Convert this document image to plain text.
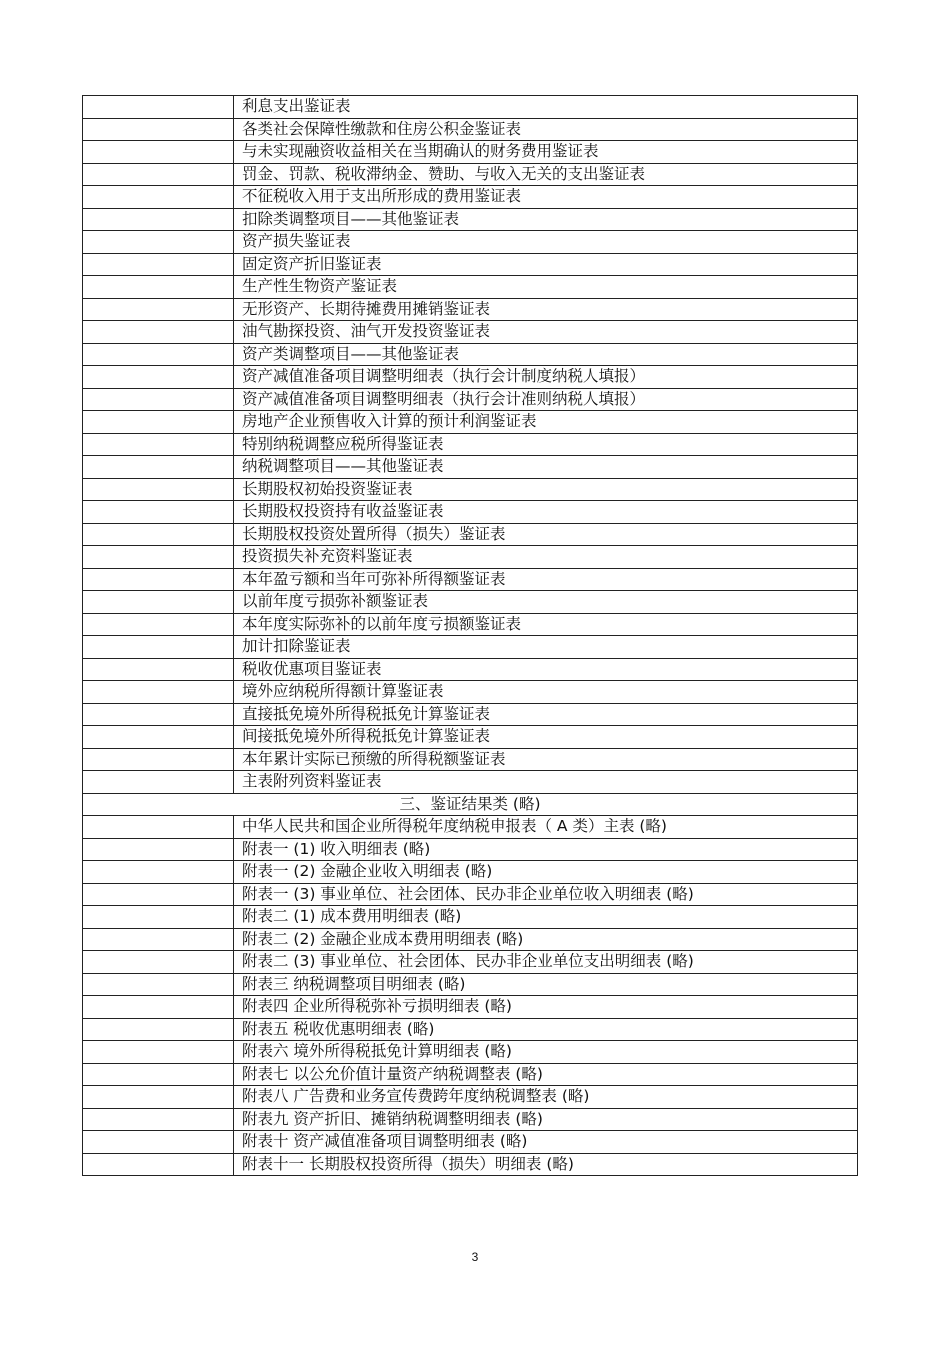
	利息支出鉴证表
	各类社会保障性缴款和住房公积金鉴证表
	与未实现融资收益相关在当期确认的财务费用鉴证表
	罚金、罚款、税收滞纳金、赞助、与收入无关的支出鉴证表
	不征税收入用于支出所形成的费用鉴证表
	扣除类调整项目——其他鉴证表
	资产损失鉴证表
	固定资产折旧鉴证表
	生产性生物资产鉴证表
	无形资产、长期待摊费用摊销鉴证表
	油气勘探投资、油气开发投资鉴证表
	资产类调整项目——其他鉴证表
	资产减值准备项目调整明细表（执行会计制度纳税人填报）
	资产减值准备项目调整明细表（执行会计准则纳税人填报）
	房地产企业预售收入计算的预计利润鉴证表
	特别纳税调整应税所得鉴证表
	纳税调整项目——其他鉴证表
	长期股权初始投资鉴证表
	长期股权投资持有收益鉴证表
	长期股权投资处置所得（损失）鉴证表
	投资损失补充资料鉴证表
	本年盈亏额和当年可弥补所得额鉴证表
	以前年度亏损弥补额鉴证表
	本年度实际弥补的以前年度亏损额鉴证表
	加计扣除鉴证表
	税收优惠项目鉴证表
	境外应纳税所得额计算鉴证表
	直接抵免境外所得税抵免计算鉴证表
	间接抵免境外所得税抵免计算鉴证表
	本年累计实际已预缴的所得税额鉴证表
	主表附列资料鉴证表
三、鉴证结果类 (略)	
	中华人民共和国企业所得税年度纳税申报表（ A 类）主表 (略)
	附表一 (1) 收入明细表 (略)
	附表一 (2) 金融企业收入明细表 (略)
	附表一 (3) 事业单位、社会团体、民办非企业单位收入明细表 (略)
	附表二 (1) 成本费用明细表 (略)
	附表二 (2) 金融企业成本费用明细表 (略)
	附表二 (3) 事业单位、社会团体、民办非企业单位支出明细表 (略)
	附表三 纳税调整项目明细表 (略)
	附表四 企业所得税弥补亏损明细表 (略)
	附表五 税收优惠明细表 (略)
	附表六 境外所得税抵免计算明细表 (略)
	附表七 以公允价值计量资产纳税调整表 (略)
	附表八 广告费和业务宣传费跨年度纳税调整表 (略)
	附表九 资产折旧、摊销纳税调整明细表 (略)
	附表十 资产减值准备项目调整明细表 (略)
	附表十一 长期股权投资所得（损失）明细表 (略)
3
